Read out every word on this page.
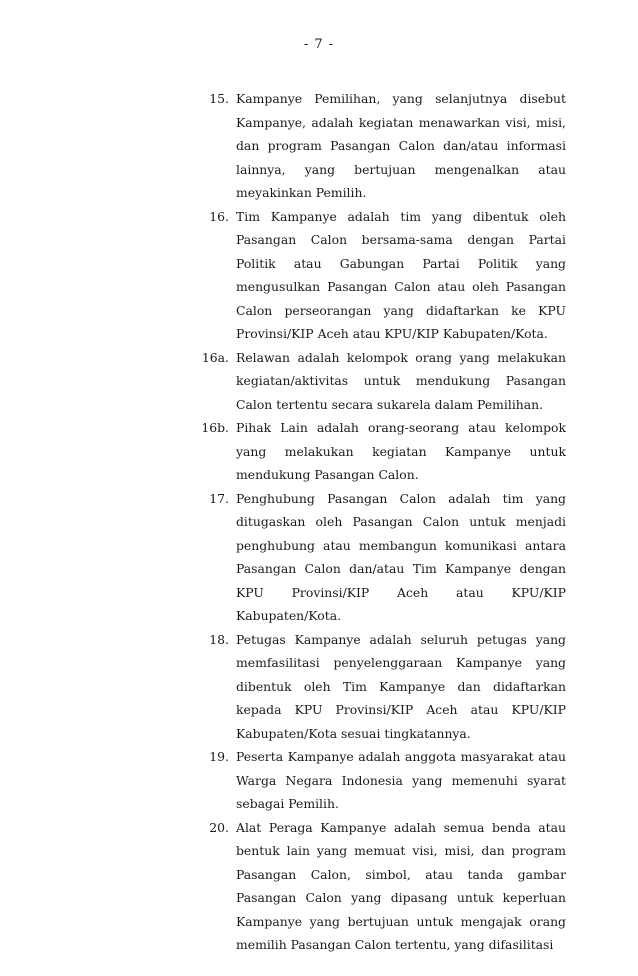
- 7 -
15. Kampanye Pemilihan, yang selanjutnya disebut Kampanye, adalah kegiatan menawarkan visi, misi, dan program Pasangan Calon dan/atau informasi lainnya, yang bertujuan mengenalkan atau meyakinkan Pemilih.
16. Tim Kampanye adalah tim yang dibentuk oleh Pasangan Calon bersama-sama dengan Partai Politik atau Gabungan Partai Politik yang mengusulkan Pasangan Calon atau oleh Pasangan Calon perseorangan yang didaftarkan ke KPU Provinsi/KIP Aceh atau KPU/KIP Kabupaten/Kota.
16a. Relawan adalah kelompok orang yang melakukan kegiatan/aktivitas untuk mendukung Pasangan Calon tertentu secara sukarela dalam Pemilihan.
16b. Pihak Lain adalah orang-seorang atau kelompok yang melakukan kegiatan Kampanye untuk mendukung Pasangan Calon.
17. Penghubung Pasangan Calon adalah tim yang ditugaskan oleh Pasangan Calon untuk menjadi penghubung atau membangun komunikasi antara Pasangan Calon dan/atau Tim Kampanye dengan KPU Provinsi/KIP Aceh atau KPU/KIP Kabupaten/Kota.
18. Petugas Kampanye adalah seluruh petugas yang memfasilitasi penyelenggaraan Kampanye yang dibentuk oleh Tim Kampanye dan didaftarkan kepada KPU Provinsi/KIP Aceh atau KPU/KIP Kabupaten/Kota sesuai tingkatannya.
19. Peserta Kampanye adalah anggota masyarakat atau Warga Negara Indonesia yang memenuhi syarat sebagai Pemilih.
20. Alat Peraga Kampanye adalah semua benda atau bentuk lain yang memuat visi, misi, dan program Pasangan Calon, simbol, atau tanda gambar Pasangan Calon yang dipasang untuk keperluan Kampanye yang bertujuan untuk mengajak orang memilih Pasangan Calon tertentu, yang difasilitasi
